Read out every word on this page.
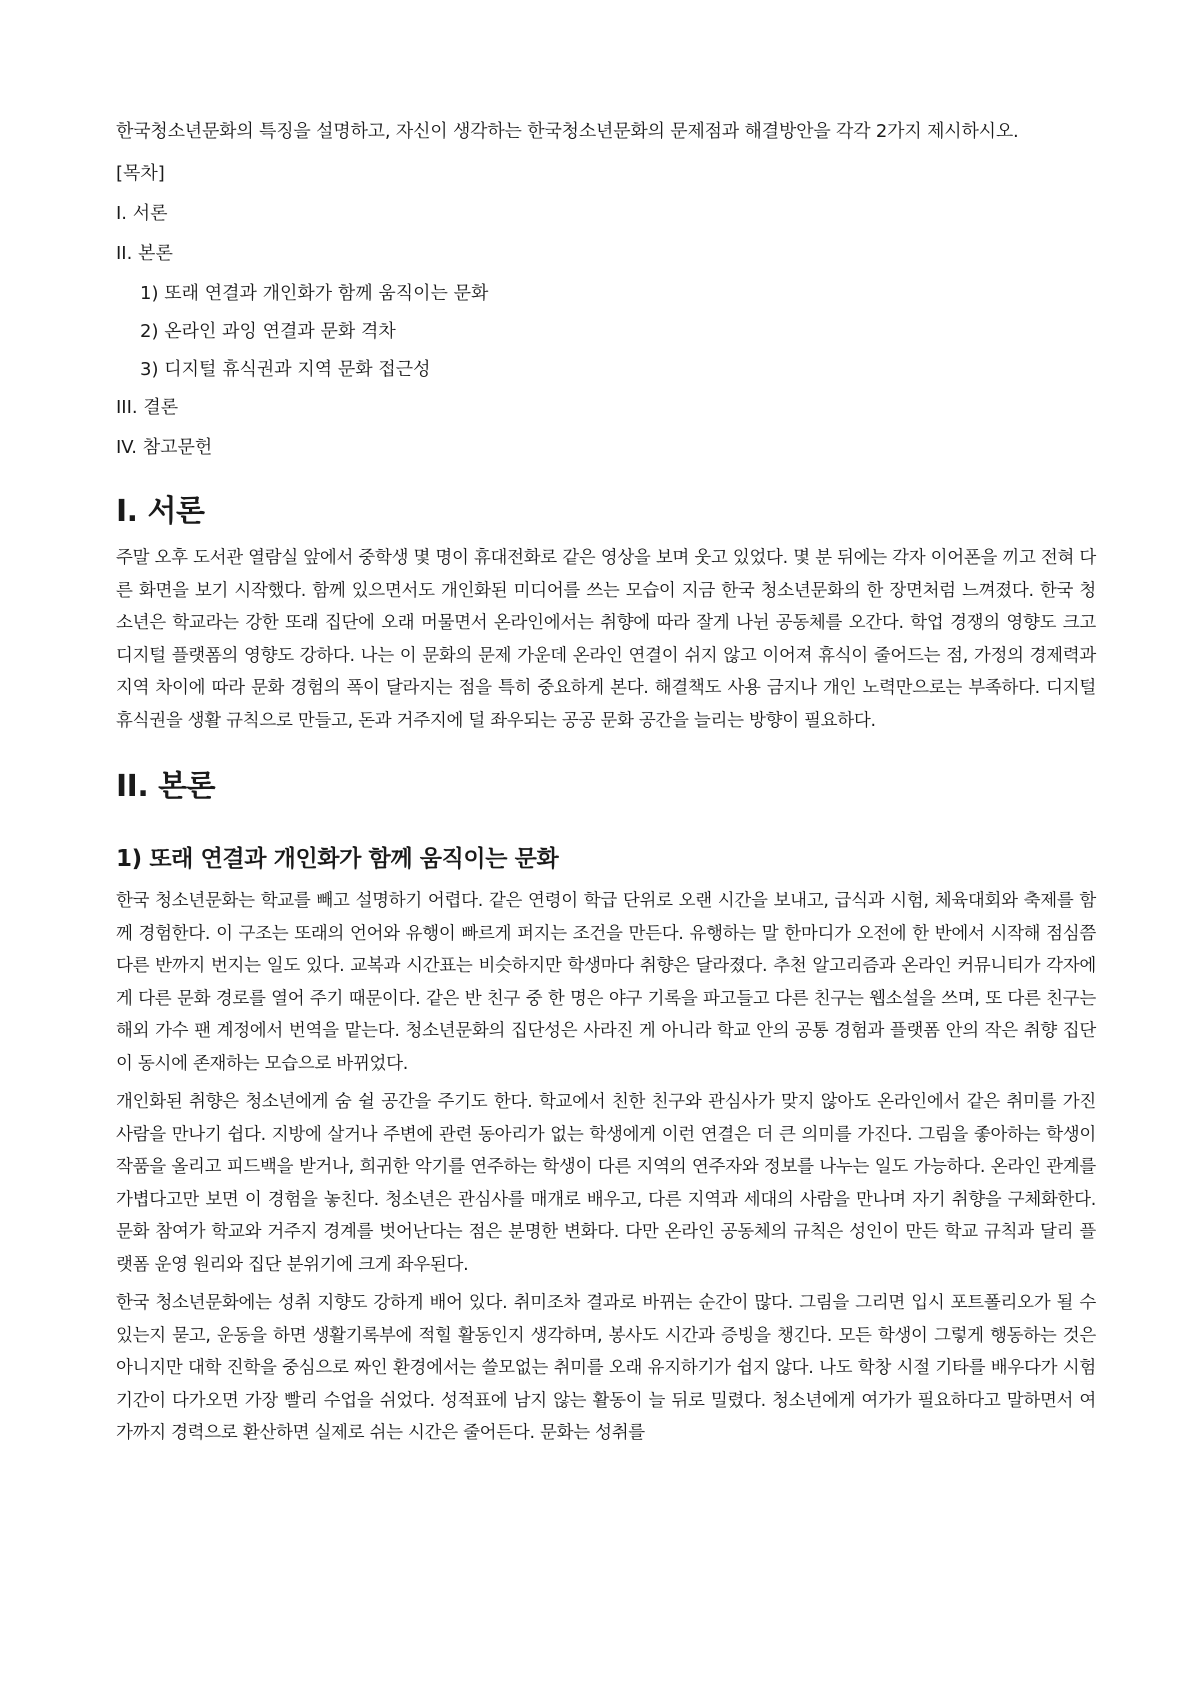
한국청소년문화의 특징을 설명하고, 자신이 생각하는 한국청소년문화의 문제점과 해결방안을 각각 2가지 제시하시오.

[목차]
I. 서론
II. 본론
1) 또래 연결과 개인화가 함께 움직이는 문화
2) 온라인 과잉 연결과 문화 격차
3) 디지털 휴식권과 지역 문화 접근성
III. 결론
IV. 참고문헌
I. 서론

주말 오후 도서관 열람실 앞에서 중학생 몇 명이 휴대전화로 같은 영상을 보며 웃고 있었다. 몇 분 뒤에는 각자 이어폰을 끼고 전혀 다른 화면을 보기 시작했다. 함께 있으면서도 개인화된 미디어를 쓰는 모습이 지금 한국 청소년문화의 한 장면처럼 느껴졌다. 한국 청소년은 학교라는 강한 또래 집단에 오래 머물면서 온라인에서는 취향에 따라 잘게 나뉜 공동체를 오간다. 학업 경쟁의 영향도 크고 디지털 플랫폼의 영향도 강하다. 나는 이 문화의 문제 가운데 온라인 연결이 쉬지 않고 이어져 휴식이 줄어드는 점, 가정의 경제력과 지역 차이에 따라 문화 경험의 폭이 달라지는 점을 특히 중요하게 본다. 해결책도 사용 금지나 개인 노력만으로는 부족하다. 디지털 휴식권을 생활 규칙으로 만들고, 돈과 거주지에 덜 좌우되는 공공 문화 공간을 늘리는 방향이 필요하다.

II. 본론
1) 또래 연결과 개인화가 함께 움직이는 문화

한국 청소년문화는 학교를 빼고 설명하기 어렵다. 같은 연령이 학급 단위로 오랜 시간을 보내고, 급식과 시험, 체육대회와 축제를 함께 경험한다. 이 구조는 또래의 언어와 유행이 빠르게 퍼지는 조건을 만든다. 유행하는 말 한마디가 오전에 한 반에서 시작해 점심쯤 다른 반까지 번지는 일도 있다. 교복과 시간표는 비슷하지만 학생마다 취향은 달라졌다. 추천 알고리즘과 온라인 커뮤니티가 각자에게 다른 문화 경로를 열어 주기 때문이다. 같은 반 친구 중 한 명은 야구 기록을 파고들고 다른 친구는 웹소설을 쓰며, 또 다른 친구는 해외 가수 팬 계정에서 번역을 맡는다. 청소년문화의 집단성은 사라진 게 아니라 학교 안의 공통 경험과 플랫폼 안의 작은 취향 집단이 동시에 존재하는 모습으로 바뀌었다.

개인화된 취향은 청소년에게 숨 쉴 공간을 주기도 한다. 학교에서 친한 친구와 관심사가 맞지 않아도 온라인에서 같은 취미를 가진 사람을 만나기 쉽다. 지방에 살거나 주변에 관련 동아리가 없는 학생에게 이런 연결은 더 큰 의미를 가진다. 그림을 좋아하는 학생이 작품을 올리고 피드백을 받거나, 희귀한 악기를 연주하는 학생이 다른 지역의 연주자와 정보를 나누는 일도 가능하다. 온라인 관계를 가볍다고만 보면 이 경험을 놓친다. 청소년은 관심사를 매개로 배우고, 다른 지역과 세대의 사람을 만나며 자기 취향을 구체화한다. 문화 참여가 학교와 거주지 경계를 벗어난다는 점은 분명한 변화다. 다만 온라인 공동체의 규칙은 성인이 만든 학교 규칙과 달리 플랫폼 운영 원리와 집단 분위기에 크게 좌우된다.

한국 청소년문화에는 성취 지향도 강하게 배어 있다. 취미조차 결과로 바뀌는 순간이 많다. 그림을 그리면 입시 포트폴리오가 될 수 있는지 묻고, 운동을 하면 생활기록부에 적힐 활동인지 생각하며, 봉사도 시간과 증빙을 챙긴다. 모든 학생이 그렇게 행동하는 것은 아니지만 대학 진학을 중심으로 짜인 환경에서는 쓸모없는 취미를 오래 유지하기가 쉽지 않다. 나도 학창 시절 기타를 배우다가 시험 기간이 다가오면 가장 빨리 수업을 쉬었다. 성적표에 남지 않는 활동이 늘 뒤로 밀렸다. 청소년에게 여가가 필요하다고 말하면서 여가까지 경력으로 환산하면 실제로 쉬는 시간은 줄어든다. 문화는 성취를
